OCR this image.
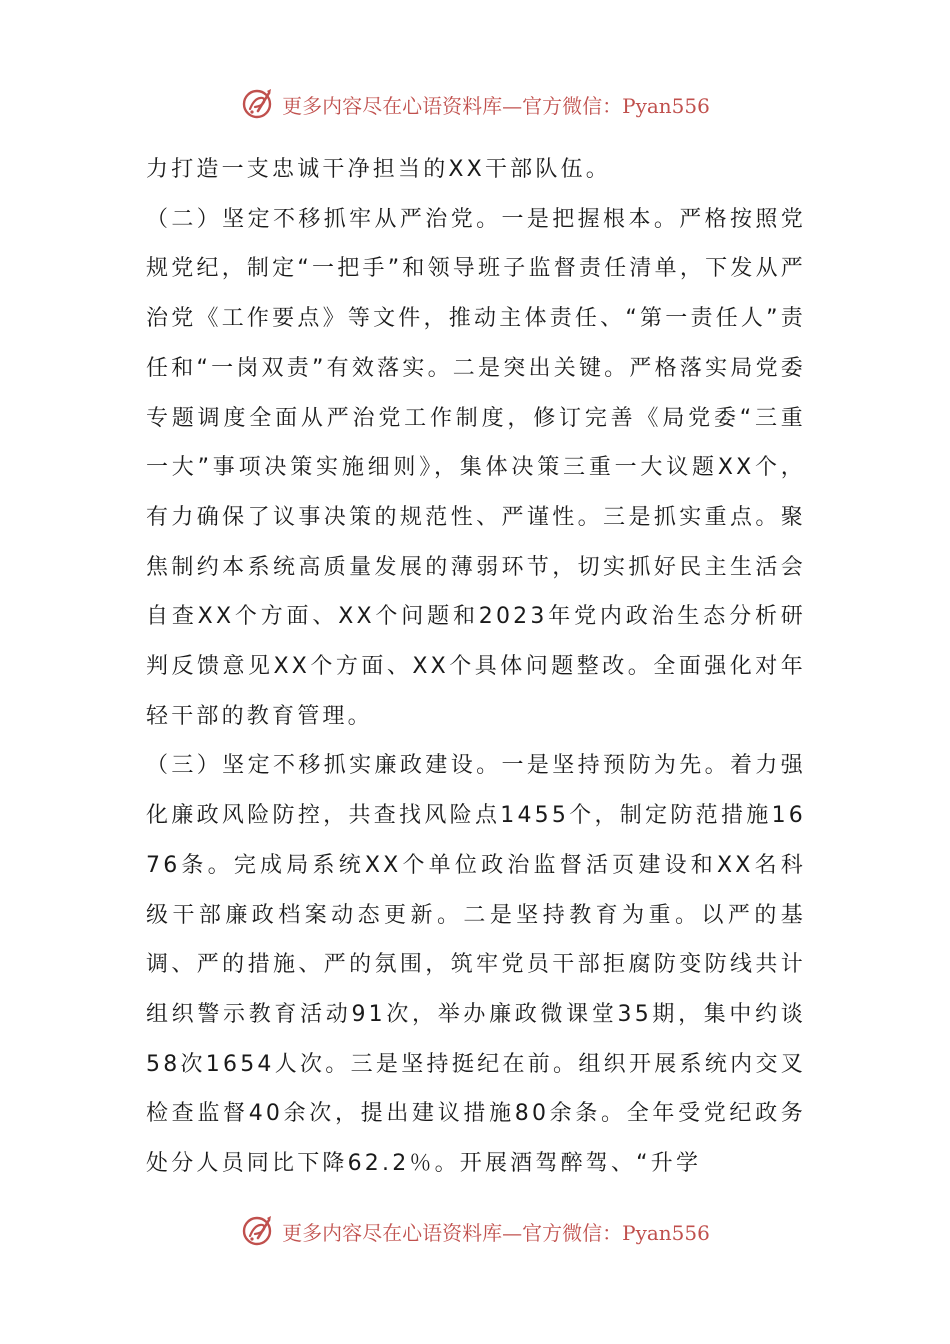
更多内容尽在心语资料库—官方微信：Pyan556

力打造一支忠诚干净担当的XX干部队伍。

（二）坚定不移抓牢从严治党。一是把握根本。严格按照党规党纪，制定“一把手”和领导班子监督责任清单，下发从严治党《工作要点》等文件，推动主体责任、“第一责任人”责任和“一岗双责”有效落实。二是突出关键。严格落实局党委专题调度全面从严治党工作制度，修订完善《局党委“三重一大”事项决策实施细则》，集体决策三重一大议题XX个，有力确保了议事决策的规范性、严谨性。三是抓实重点。聚焦制约本系统高质量发展的薄弱环节，切实抓好民主生活会自查XX个方面、XX个问题和2023年党内政治生态分析研判反馈意见XX个方面、XX个具体问题整改。全面强化对年轻干部的教育管理。

（三）坚定不移抓实廉政建设。一是坚持预防为先。着力强化廉政风险防控，共查找风险点1455个，制定防范措施1676条。完成局系统XX个单位政治监督活页建设和XX名科级干部廉政档案动态更新。二是坚持教育为重。以严的基调、严的措施、严的氛围，筑牢党员干部拒腐防变防线共计组织警示教育活动91次，举办廉政微课堂35期，集中约谈58次1654人次。三是坚持挺纪在前。组织开展系统内交叉检查监督40余次，提出建议措施80余条。全年受党纪政务处分人员同比下降62.2％。开展酒驾醉驾、“升学

更多内容尽在心语资料库—官方微信：Pyan556
